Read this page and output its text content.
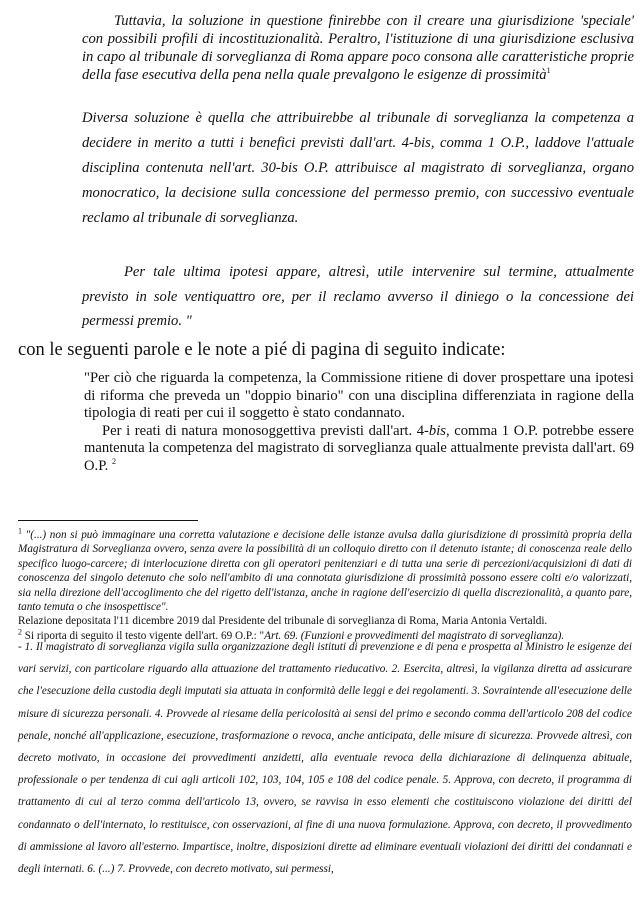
Tuttavia, la soluzione in questione finirebbe con il creare una giurisdizione 'speciale' con possibili profili di incostituzionalità. Peraltro, l'istituzione di una giurisdizione esclusiva in capo al tribunale di sorveglianza di Roma appare poco consona alle caratteristiche proprie della fase esecutiva della pena nella quale prevalgono le esigenze di prossimità$^1$

Diversa soluzione è quella che attribuirebbe al tribunale di sorveglianza la competenza a decidere in merito a tutti i benefici previsti dall'art. 4-bis, comma 1 O.P., laddove l'attuale disciplina contenuta nell'art. 30-bis O.P. attribuisce al magistrato di sorveglianza, organo monocratico, la decisione sulla concessione del permesso premio, con successivo eventuale reclamo al tribunale di sorveglianza.

Per tale ultima ipotesi appare, altresì, utile intervenire sul termine, attualmente previsto in sole ventiquattro ore, per il reclamo avverso il diniego o la concessione dei permessi premio. "

con le seguenti parole e le note a pié di pagina di seguito indicate:

"Per ciò che riguarda la competenza, la Commissione ritiene di dover prospettare una ipotesi di riforma che preveda un "doppio binario" con una disciplina differenziata in ragione della tipologia di reati per cui il soggetto è stato condannato.

Per i reati di natura monosoggettiva previsti dall'art. 4-bis, comma 1 O.P. potrebbe essere mantenuta la competenza del magistrato di sorveglianza quale attualmente prevista dall'art. 69 O.P. $^2$

$^1$ "(...) non si può immaginare una corretta valutazione e decisione delle istanze avulsa dalla giurisdizione di prossimità propria della Magistratura di Sorveglianza ovvero, senza avere la possibilità di un colloquio diretto con il detenuto istante; di conoscenza reale dello specifico luogo-carcere; di interlocuzione diretta con gli operatori penitenziari e di tutta una serie di percezioni/acquisizioni di dati di conoscenza del singolo detenuto che solo nell'ambito di una connotata giurisdizione di prossimità possono essere colti e/o valorizzati, sia nella direzione dell'accoglimento che del rigetto dell'istanza, anche in ragione dell'esercizio di quella discrezionalità, a quanto pare, tanto temuta o che insospettisce".

Relazione depositata l'11 dicembre 2019 dal Presidente del tribunale di sorveglianza di Roma, Maria Antonia Vertaldi.

$^2$ Si riporta di seguito il testo vigente dell'art. 69 O.P.: "Art. 69. (Funzioni e provvedimenti del magistrato di sorveglianza).

- 1. Il magistrato di sorveglianza vigila sulla organizzazione degli istituti di prevenzione e di pena e prospetta al Ministro le esigenze dei vari servizi, con particolare riguardo alla attuazione del trattamento rieducativo. 2. Esercita, altresì, la vigilanza diretta ad assicurare che l'esecuzione della custodia degli imputati sia attuata in conformità delle leggi e dei regolamenti. 3. Sovraintende all'esecuzione delle misure di sicurezza personali. 4. Provvede al riesame della pericolosità ai sensi del primo e secondo comma dell'articolo 208 del codice penale, nonché all'applicazione, esecuzione, trasformazione o revoca, anche anticipata, delle misure di sicurezza. Provvede altresì, con decreto motivato, in occasione dei provvedimenti anzidetti, alla eventuale revoca della dichiarazione di delinquenza abituale, professionale o per tendenza di cui agli articoli 102, 103, 104, 105 e 108 del codice penale. 5. Approva, con decreto, il programma di trattamento di cui al terzo comma dell'articolo 13, ovvero, se ravvisa in esso elementi che costituiscono violazione dei diritti del condannato o dell'internato, lo restituisce, con osservazioni, al fine di una nuova formulazione. Approva, con decreto, il provvedimento di ammissione al lavoro all'esterno. Impartisce, inoltre, disposizioni dirette ad eliminare eventuali violazioni dei diritti dei condannati e degli internati. 6. (...) 7. Provvede, con decreto motivato, sui permessi,
